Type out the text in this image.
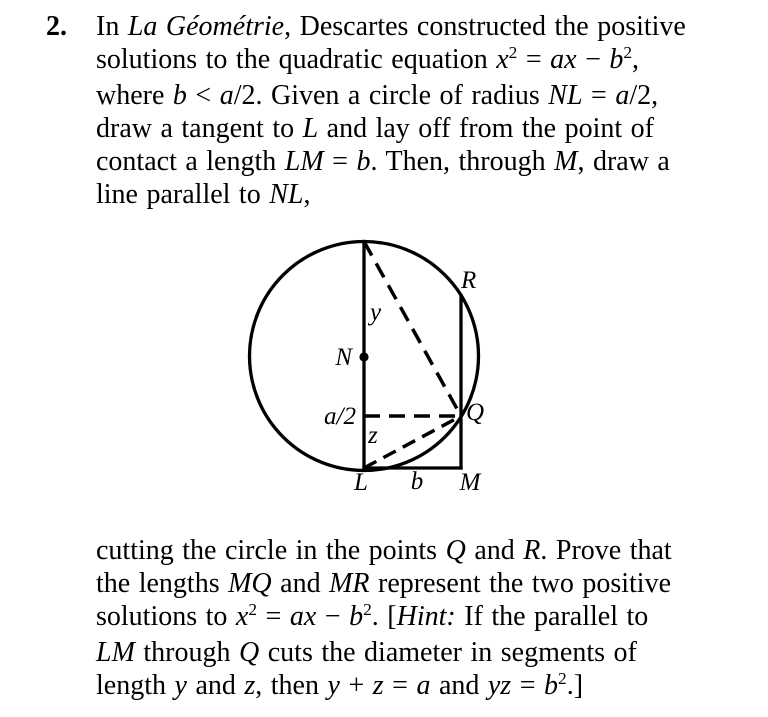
2. In La Géométrie, Descartes constructed the positive
solutions to the quadratic equation $x^2$ = ax − $b^2$,
where b < a/2. Given a circle of radius NL = a/2,
draw a tangent to L and lay off from the point of
contact a length LM = b. Then, through M, draw a
line parallel to NL,
R
y
N
a/2
z
Q
L b M
cutting the circle in the points Q and R. Prove that
the lengths MQ and MR represent the two positive
solutions to $x^2$ = ax − $b^2$. [Hint: If the parallel to
LM through Q cuts the diameter in segments of
length y and z, then y + z = a and yz = $b^2$.]
